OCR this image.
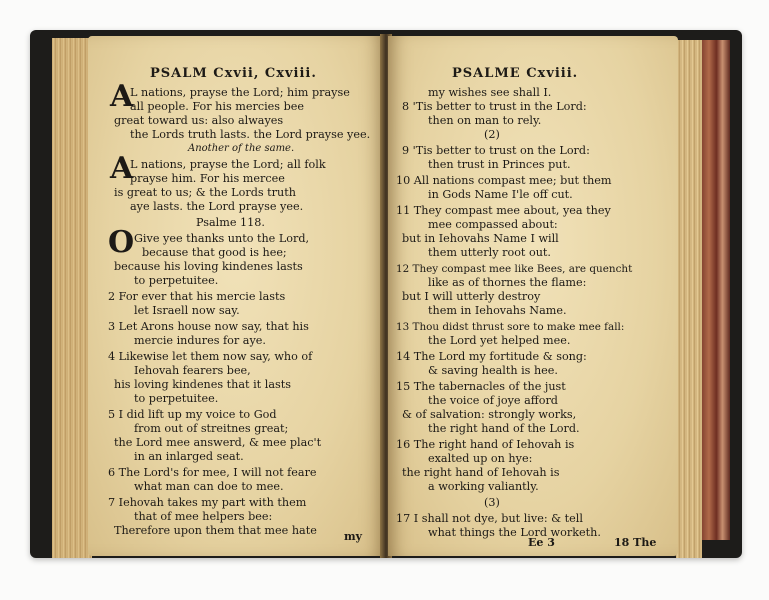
PSALM Cxvii, Cxviii.
A
L nations, prayse the Lord; him prayse
all people. For his mercies bee
great toward us: also alwayes
the Lords truth lasts. the Lord prayse yee.
Another of the same.
A
L nations, prayse the Lord; all folk
prayse him. For his mercee
is great to us; & the Lords truth
aye lasts. the Lord prayse yee.
Psalme 118.
O Give yee thanks unto the Lord,
because that good is hee;
because his loving kindenes lasts
to perpetuitee.
2 For ever that his mercie lasts
let Israell now say.
3 Let Arons house now say, that his
mercie indures for aye.
4 Likewise let them now say, who of
Iehovah fearers bee,
his loving kindenes that it lasts
to perpetuitee.
5 I did lift up my voice to God
from out of streitnes great;
the Lord mee answerd, & mee plac't
in an inlarged seat.
6 The Lord's for mee, I will not feare
what man can doe to mee.
7 Iehovah takes my part with them
that of mee helpers bee:
Therefore upon them that mee hate my
PSALME Cxviii.
my wishes see shall I.
8 'Tis better to trust in the Lord:
then on man to rely.
(2)
9 'Tis better to trust on the Lord:
then trust in Princes put.
10 All nations compast mee; but them
in Gods Name I'le off cut.
11 They compast mee about, yea they
mee compassed about:
but in Iehovahs Name I will
them utterly root out.
12 They compast mee like Bees, are quencht
like as of thornes the flame:
but I will utterly destroy
them in Iehovahs Name.
13 Thou didst thrust sore to make mee fall:
the Lord yet helped mee.
14 The Lord my fortitude & song:
& saving health is hee.
15 The tabernacles of the just
the voice of joye afford
& of salvation: strongly works,
the right hand of the Lord.
16 The right hand of Iehovah is
exalted up on hye:
the right hand of Iehovah is
a working valiantly.
(3)
17 I shall not dye, but live: & tell
what things the Lord worketh.
Ee 3	18 The
